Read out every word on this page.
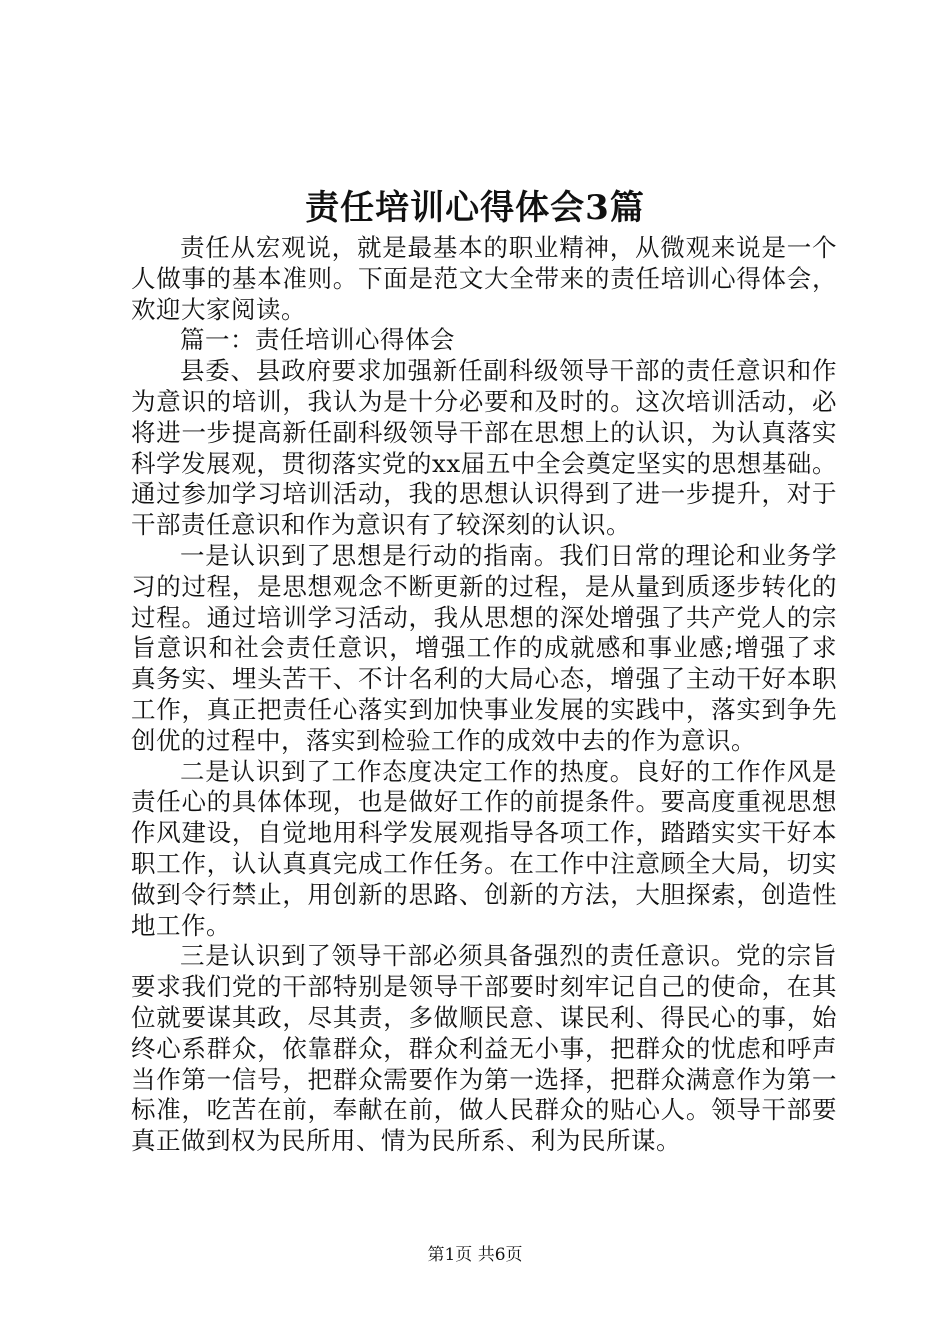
责任培训心得体会3篇

责任从宏观说，就是最基本的职业精神，从微观来说是一个人做事的基本准则。下面是范文大全带来的责任培训心得体会，欢迎大家阅读。

篇一：责任培训心得体会

县委、县政府要求加强新任副科级领导干部的责任意识和作为意识的培训，我认为是十分必要和及时的。这次培训活动，必将进一步提高新任副科级领导干部在思想上的认识，为认真落实科学发展观，贯彻落实党的xx届五中全会奠定坚实的思想基础。通过参加学习培训活动，我的思想认识得到了进一步提升，对于干部责任意识和作为意识有了较深刻的认识。

一是认识到了思想是行动的指南。我们日常的理论和业务学习的过程，是思想观念不断更新的过程，是从量到质逐步转化的过程。通过培训学习活动，我从思想的深处增强了共产党人的宗旨意识和社会责任意识，增强工作的成就感和事业感;增强了求真务实、埋头苦干、不计名利的大局心态，增强了主动干好本职工作，真正把责任心落实到加快事业发展的实践中，落实到争先创优的过程中，落实到检验工作的成效中去的作为意识。

二是认识到了工作态度决定工作的热度。良好的工作作风是责任心的具体体现，也是做好工作的前提条件。要高度重视思想作风建设，自觉地用科学发展观指导各项工作，踏踏实实干好本职工作，认认真真完成工作任务。在工作中注意顾全大局，切实做到令行禁止，用创新的思路、创新的方法，大胆探索，创造性地工作。

三是认识到了领导干部必须具备强烈的责任意识。党的宗旨要求我们党的干部特别是领导干部要时刻牢记自己的使命，在其位就要谋其政，尽其责，多做顺民意、谋民利、得民心的事，始终心系群众，依靠群众，群众利益无小事，把群众的忧虑和呼声当作第一信号，把群众需要作为第一选择，把群众满意作为第一标准，吃苦在前，奉献在前，做人民群众的贴心人。领导干部要真正做到权为民所用、情为民所系、利为民所谋。

第1页 共6页
